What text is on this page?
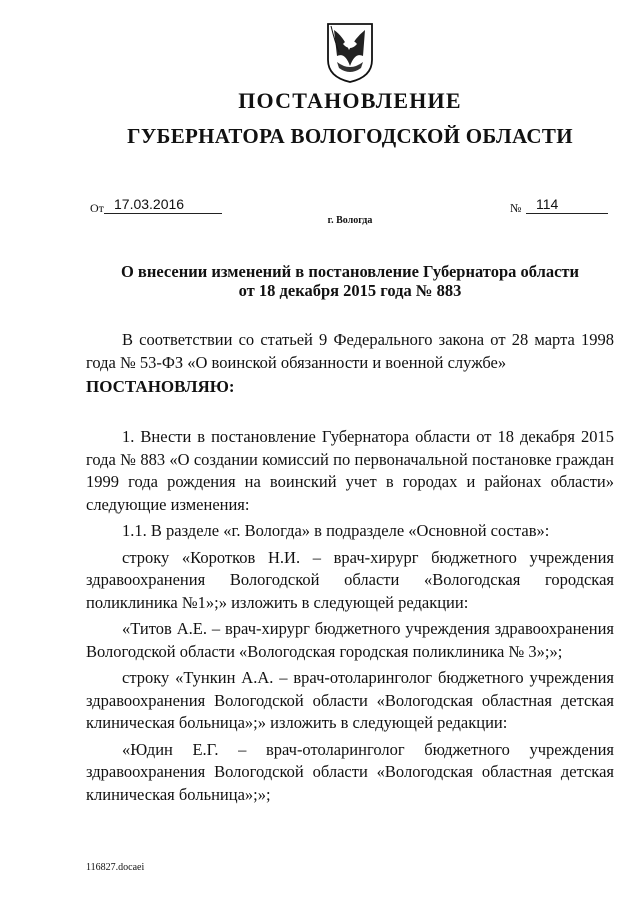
ПОСТАНОВЛЕНИЕ
ГУБЕРНАТОРА ВОЛОГОДСКОЙ ОБЛАСТИ
От 17.03.2016	№	114
г. Вологда
О внесении изменений в постановление Губернатора области
от 18 декабря 2015 года № 883

В соответствии со статьей 9 Федерального закона от 28 марта 1998 года № 53-ФЗ «О воинской обязанности и военной службе»

ПОСТАНОВЛЯЮ:

1. Внести в постановление Губернатора области от 18 декабря 2015 года № 883 «О создании комиссий по первоначальной постановке граждан 1999 года рождения на воинский учет в городах и районах области» следующие изменения:

1.1. В разделе «г. Вологда» в подразделе «Основной состав»:

строку «Коротков Н.И. – врач-хирург бюджетного учреждения здравоохранения Вологодской области «Вологодская городская поликлиника №1»;» изложить в следующей редакции:

«Титов А.Е. – врач-хирург бюджетного учреждения здравоохранения Вологодской области «Вологодская городская поликлиника № 3»;»;

строку «Тункин А.А. – врач-отоларинголог бюджетного учреждения здравоохранения Вологодской области «Вологодская областная детская клиническая больница»;» изложить в следующей редакции:

«Юдин Е.Г. – врач-отоларинголог бюджетного учреждения здравоохранения Вологодской области «Вологодская областная детская клиническая больница»;»;

116827.docaei
